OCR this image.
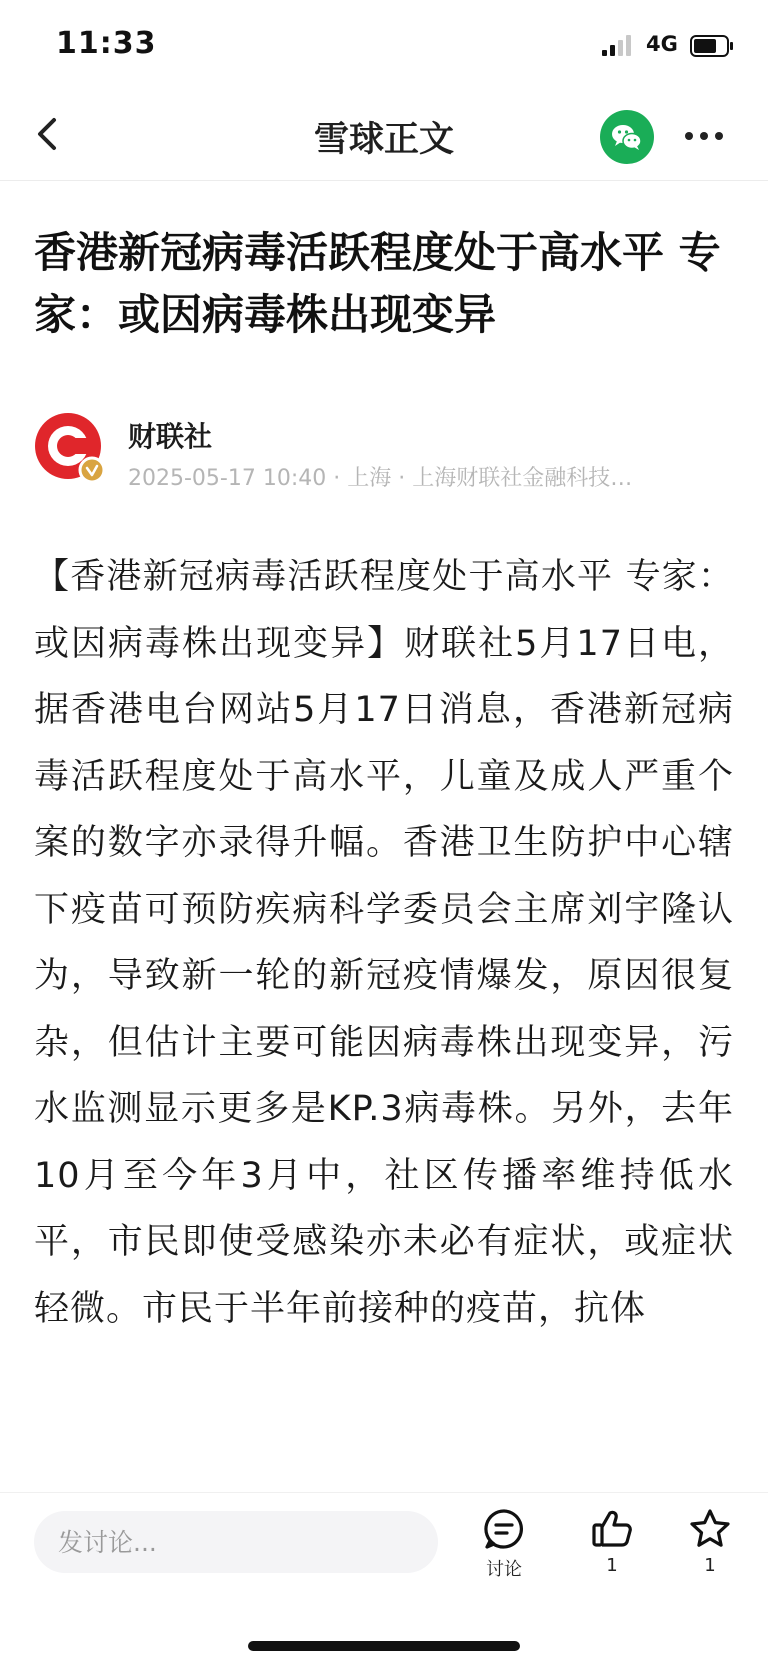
11:33	4G
雪球正文
香港新冠病毒活跃程度处于高水平 专家：或因病毒株出现变异
财联社
2025-05-17 10:40 · 上海 · 上海财联社金融科技…

【香港新冠病毒活跃程度处于高水平 专家：或因病毒株出现变异】财联社5月17日电，据香港电台网站5月17日消息，香港新冠病毒活跃程度处于高水平，儿童及成人严重个案的数字亦录得升幅。香港卫生防护中心辖下疫苗可预防疾病科学委员会主席刘宇隆认为，导致新一轮的新冠疫情爆发，原因很复杂，但估计主要可能因病毒株出现变异，污水监测显示更多是KP.3病毒株。另外，去年10月至今年3月中，社区传播率维持低水平，市民即使受感染亦未必有症状，或症状轻微。市民于半年前接种的疫苗，抗体

发讨论...
讨论	1	1
